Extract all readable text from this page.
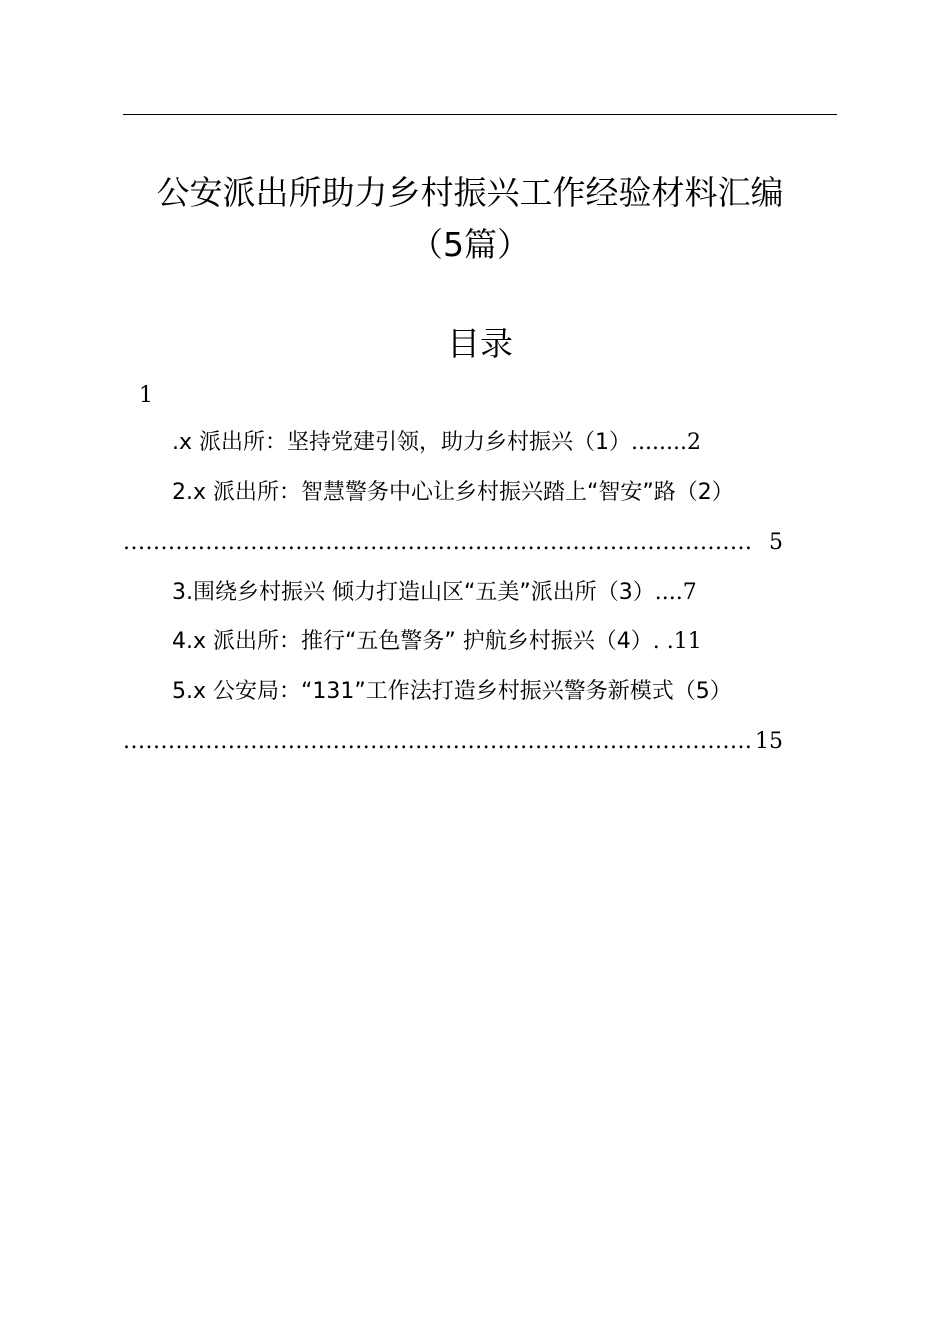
公安派出所助力乡村振兴工作经验材料汇编
（5篇）
目录
1
.x 派出所：坚持党建引领，助力乡村振兴（1） ........ 2
2.x 派出所：智慧警务中心让乡村振兴踏上“智安”路（2）
.................................................................................... 5
3.围绕乡村振兴 倾力打造山区“五美”派出所（3） .... 7
4.x 派出所：推行“五色警务” 护航乡村振兴（4） . . 11
5.x 公安局：“131”工作法打造乡村振兴警务新模式（5）
.................................................................................... 15
